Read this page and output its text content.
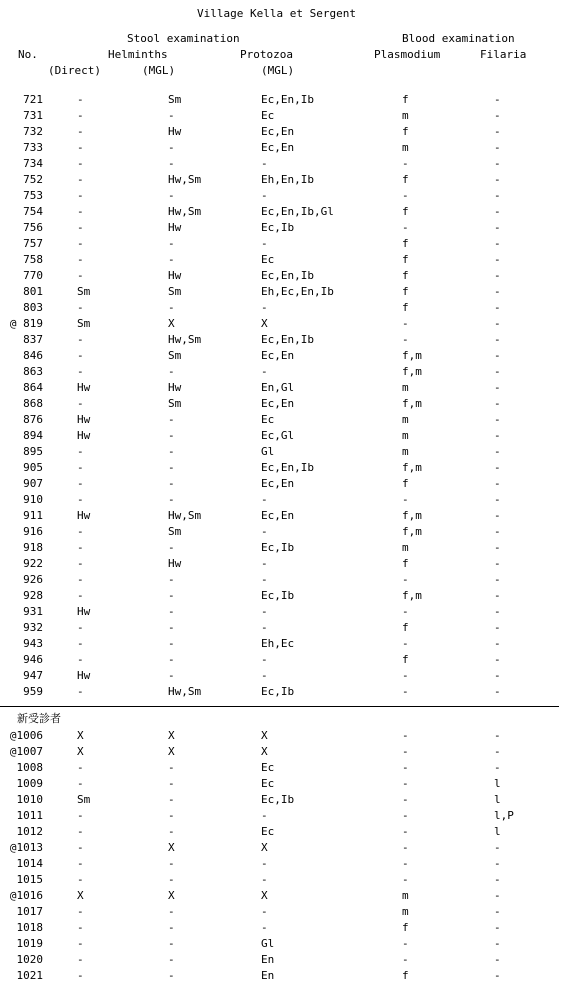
Village Kella et Sergent
Stool examination	Blood examination
No.	Helminths	Protozoa	Plasmodium	Filaria
(Direct)	(MGL)	(MGL)
721	-	Sm	Ec,En,Ib	f	-
731	-	-	Ec	m	-
732	-	Hw	Ec,En	f	-
733	-	-	Ec,En	m	-
734	-	-	-	-	-
752	-	Hw,Sm	Eh,En,Ib	f	-
753	-	-	-	-	-
754	-	Hw,Sm	Ec,En,Ib,Gl	f	-
756	-	Hw	Ec,Ib	-	-
757	-	-	-	f	-
758	-	-	Ec	f	-
770	-	Hw	Ec,En,Ib	f	-
801	Sm	Sm	Eh,Ec,En,Ib	f	-
803	-	-	-	f	-
@ 819	Sm	X	X	-	-
837	-	Hw,Sm	Ec,En,Ib	-	-
846	-	Sm	Ec,En	f,m	-
863	-	-	-	f,m	-
864	Hw	Hw	En,Gl	m	-
868	-	Sm	Ec,En	f,m	-
876	Hw	-	Ec	m	-
894	Hw	-	Ec,Gl	m	-
895	-	-	Gl	m	-
905	-	-	Ec,En,Ib	f,m	-
907	-	-	Ec,En	f	-
910	-	-	-	-	-
911	Hw	Hw,Sm	Ec,En	f,m	-
916	-	Sm	-	f,m	-
918	-	-	Ec,Ib	m	-
922	-	Hw	-	f	-
926	-	-	-	-	-
928	-	-	Ec,Ib	f,m	-
931	Hw	-	-	-	-
932	-	-	-	f	-
943	-	-	Eh,Ec	-	-
946	-	-	-	f	-
947	Hw	-	-	-	-
959	-	Hw,Sm	Ec,Ib	-	-
新受診者
@1006	X	X	X	-	-
@1007	X	X	X	-	-
1008	-	-	Ec	-	-
1009	-	-	Ec	-	l
1010	Sm	-	Ec,Ib	-	l
1011	-	-	-	-	l,P
1012	-	-	Ec	-	l
@1013	-	X	X	-	-
1014	-	-	-	-	-
1015	-	-	-	-	-
@1016	X	X	X	m	-
1017	-	-	-	m	-
1018	-	-	-	f	-
1019	-	-	Gl	-	-
1020	-	-	En	-	-
1021	-	-	En	f	-
